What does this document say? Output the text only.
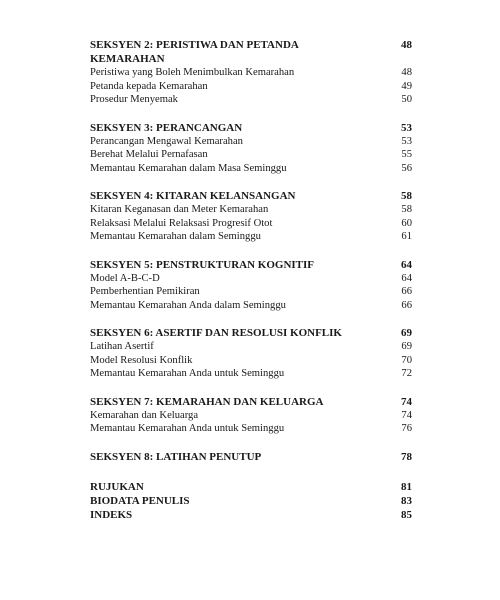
SEKSYEN 2: PERISTIWA DAN PETANDA KEMARAHAN
48
Peristiwa yang Boleh Menimbulkan Kemarahan	48
Petanda kepada Kemarahan	49
Prosedur Menyemak	50
SEKSYEN 3: PERANCANGAN	53
Perancangan Mengawal Kemarahan	53
Berehat Melalui Pernafasan	55
Memantau Kemarahan dalam Masa Seminggu	56
SEKSYEN 4: KITARAN KELANSANGAN	58
Kitaran Keganasan dan Meter Kemarahan	58
Relaksasi Melalui Relaksasi Progresif Otot	60
Memantau Kemarahan dalam Seminggu	61
SEKSYEN 5: PENSTRUKTURAN KOGNITIF	64
Model A-B-C-D	64
Pemberhentian Pemikiran	66
Memantau Kemarahan Anda dalam Seminggu	66
SEKSYEN 6: ASERTIF DAN RESOLUSI KONFLIK	69
Latihan Asertif	69
Model Resolusi Konflik	70
Memantau Kemarahan Anda untuk Seminggu	72
SEKSYEN 7: KEMARAHAN DAN KELUARGA	74
Kemarahan dan Keluarga	74
Memantau Kemarahan Anda untuk Seminggu	76
SEKSYEN 8: LATIHAN PENUTUP	78
RUJUKAN	81
BIODATA PENULIS	83
INDEKS	85
